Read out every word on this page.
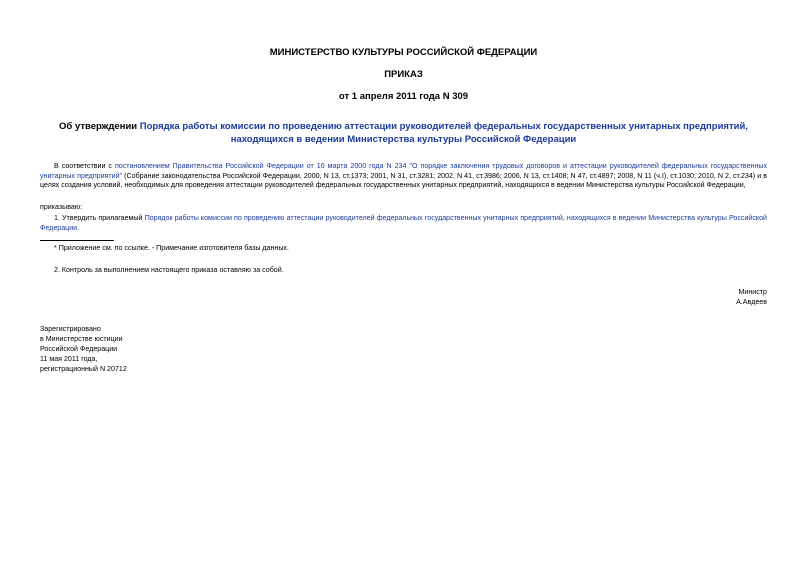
МИНИСТЕРСТВО КУЛЬТУРЫ РОССИЙСКОЙ ФЕДЕРАЦИИ
ПРИКАЗ
от 1 апреля 2011 года N 309
Об утверждении Порядка работы комиссии по проведению аттестации руководителей федеральных государственных унитарных предприятий, находящихся в ведении Министерства культуры Российской Федерации
В соответствии с постановлением Правительства Российской Федерации от 16 марта 2000 года N 234 "О порядке заключения трудовых договоров и аттестации руководителей федеральных государственных унитарных предприятий" (Собрание законодательства Российской Федерации, 2000, N 13, ст.1373; 2001, N 31, ст.3281; 2002, N 41, ст.3986; 2006, N 13, ст.1408; N 47, ст.4897; 2008, N 11 (ч.I), ст.1030; 2010, N 2, ст.234) и в целях создания условий, необходимых для проведения аттестации руководителей федеральных государственных унитарных предприятий, находящихся в ведении Министерства культуры Российской Федерации,
приказываю:
1. Утвердить прилагаемый Порядок работы комиссии по проведению аттестации руководителей федеральных государственных унитарных предприятий, находящихся в ведении Министерства культуры Российской Федерации.
* Приложение см. по ссылке. - Примечание изготовителя базы данных.
2. Контроль за выполнением настоящего приказа оставляю за собой.
Министр
А.Авдеев
Зарегистрировано
в Министерстве юстиции
Российской Федерации
11 мая 2011 года,
регистрационный N 20712
